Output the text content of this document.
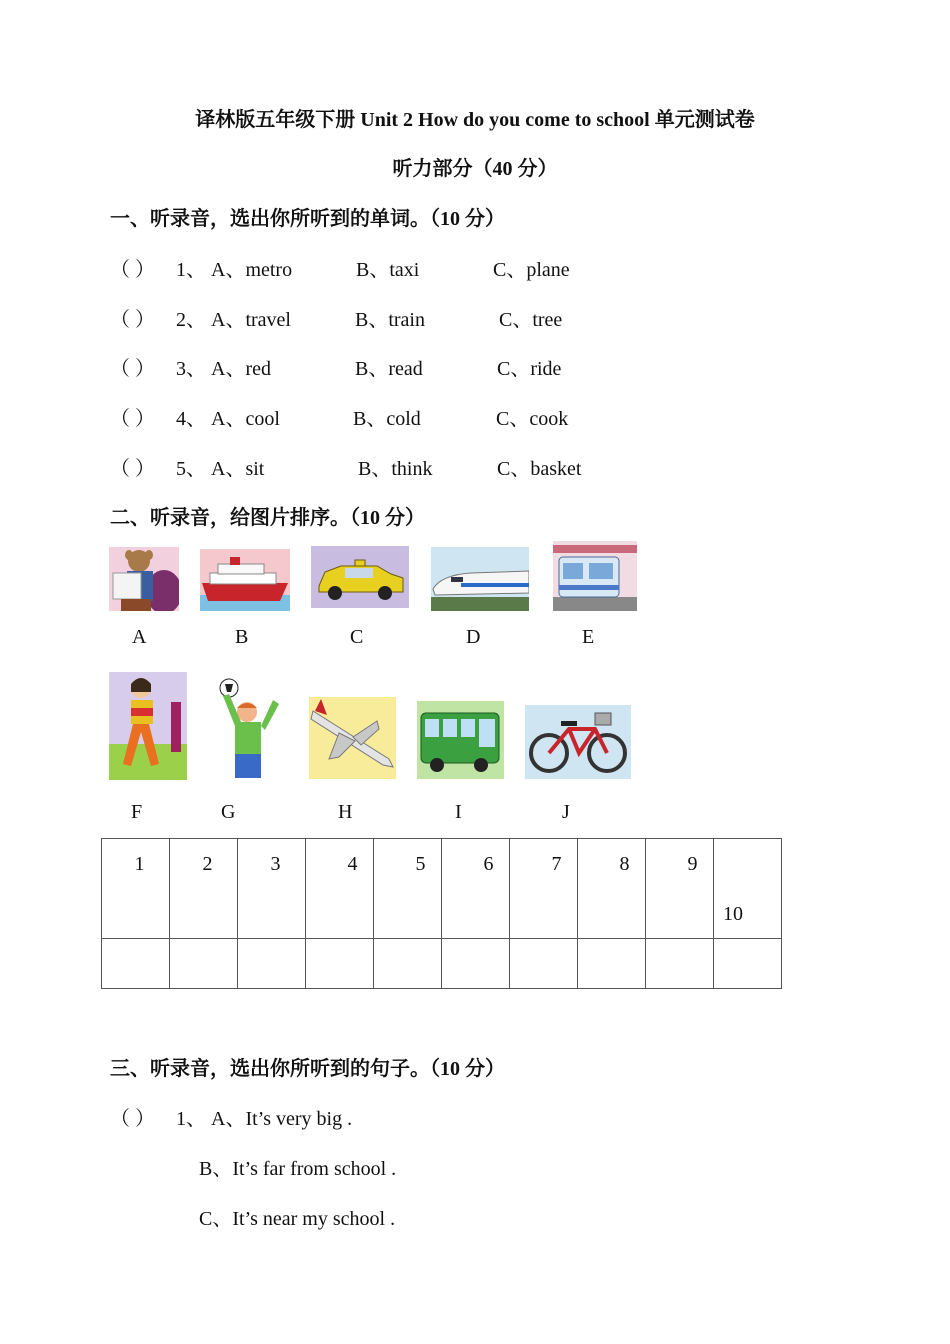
译林版五年级下册 Unit 2 How do you come to school 单元测试卷
听力部分（40 分）
一、听录音，选出你所听到的单词。（10 分）
（ ） 1、 A、metro	B、taxi	C、plane
（ ） 2、 A、travel	B、train	C、tree
（ ） 3、 A、red	B、read	C、ride
（ ） 4、 A、cool	B、cold	C、cook
（ ） 5、 A、sit	B、think	C、basket
二、听录音，给图片排序。（10 分）
A	B	C	D	E
F	G	H	I	J
1	2	3	4	5	6	7	8	9	10

三、听录音，选出你所听到的句子。（10 分）
（ ） 1、 A、It’s very big .
B、It’s far from school .
C、It’s near my school .
